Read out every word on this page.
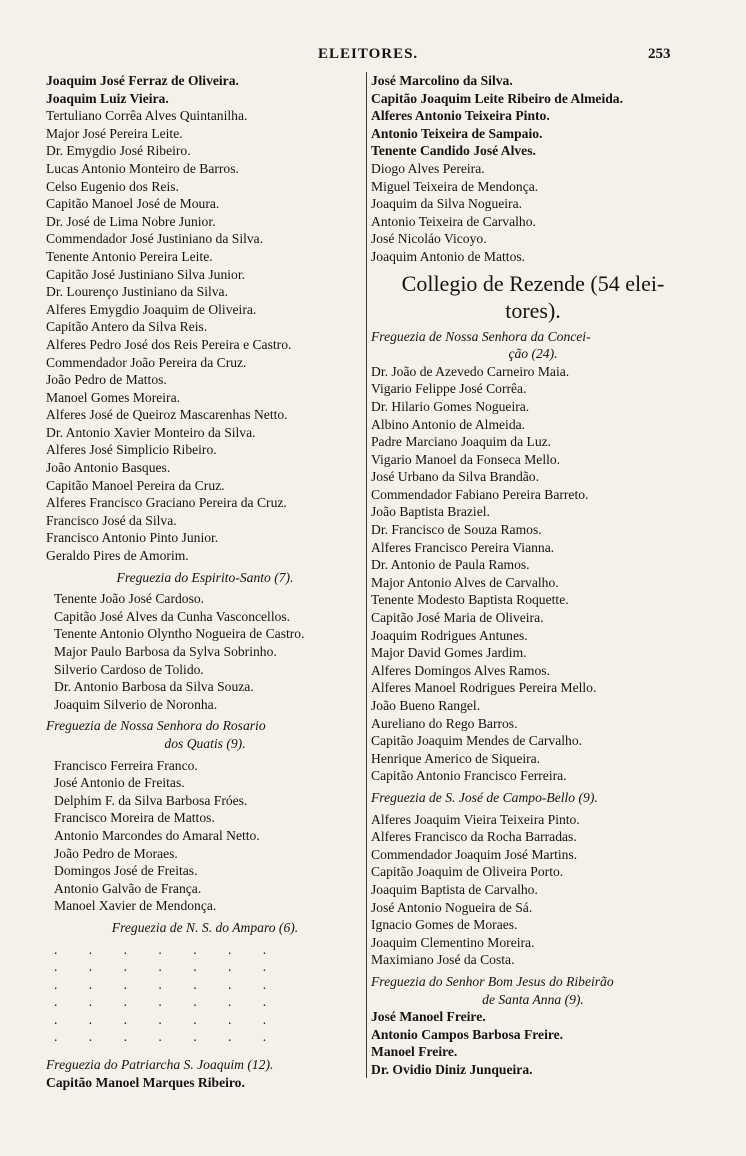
ELEITORES.	253
Joaquim José Ferraz de Oliveira.
Joaquim Luiz Vieira.
Tertuliano Corrêa Alves Quintanilha.
Major José Pereira Leite.
Dr. Emygdio José Ribeiro.
Lucas Antonio Monteiro de Barros.
Celso Eugenio dos Reis.
Capitão Manoel José de Moura.
Dr. José de Lima Nobre Junior.
Commendador José Justiniano da Silva.
Tenente Antonio Pereira Leite.
Capitão José Justiniano Silva Junior.
Dr. Lourenço Justiniano da Silva.
Alferes Emygdio Joaquim de Oliveira.
Capitão Antero da Silva Reis.
Alferes Pedro José dos Reis Pereira e Castro.
Commendador João Pereira da Cruz.
João Pedro de Mattos.
Manoel Gomes Moreira.
Alferes José de Queiroz Mascarenhas Netto.
Dr. Antonio Xavier Monteiro da Silva.
Alferes José Simplicio Ribeiro.
João Antonio Basques.
Capitão Manoel Pereira da Cruz.
Alferes Francisco Graciano Pereira da Cruz.
Francisco José da Silva.
Francisco Antonio Pinto Junior.
Geraldo Pires de Amorim.
Freguezia do Espirito-Santo (7).
Tenente João José Cardoso.
Capitão José Alves da Cunha Vasconcellos.
Tenente Antonio Olyntho Nogueira de Castro.
Major Paulo Barbosa da Sylva Sobrinho.
Silverio Cardoso de Tolido.
Dr. Antonio Barbosa da Silva Souza.
Joaquim Silverio de Noronha.
Freguezia de Nossa Senhora do Rosario
dos Quatis (9).
Francisco Ferreira Franco.
José Antonio de Freitas.
Delphim F. da Silva Barbosa Fróes.
Francisco Moreira de Mattos.
Antonio Marcondes do Amaral Netto.
João Pedro de Moraes.
Domingos José de Freitas.
Antonio Galvão de França.
Manoel Xavier de Mendonça.
Freguezia de N. S. do Amparo (6).
. . . . . . .
. . . . . . .
. . . . . . .
. . . . . . .
. . . . . . .
. . . . . . .
Freguezia do Patriarcha S. Joaquim (12).
Capitão Manoel Marques Ribeiro.
José Marcolino da Silva.
Capitão Joaquim Leite Ribeiro de Almeida.
Alferes Antonio Teixeira Pinto.
Antonio Teixeira de Sampaio.
Tenente Candido José Alves.
Diogo Alves Pereira.
Miguel Teixeira de Mendonça.
Joaquim da Silva Nogueira.
Antonio Teixeira de Carvalho.
José Nicoláo Vicoyo.
Joaquim Antonio de Mattos.
Collegio de Rezende (54 elei-
tores).
Freguezia de Nossa Senhora da Concei-
ção (24).
Dr. João de Azevedo Carneiro Maia.
Vigario Felippe José Corrêa.
Dr. Hilario Gomes Nogueira.
Albino Antonio de Almeida.
Padre Marciano Joaquim da Luz.
Vigario Manoel da Fonseca Mello.
José Urbano da Silva Brandão.
Commendador Fabiano Pereira Barreto.
João Baptista Braziel.
Dr. Francisco de Souza Ramos.
Alferes Francisco Pereira Vianna.
Dr. Antonio de Paula Ramos.
Major Antonio Alves de Carvalho.
Tenente Modesto Baptista Roquette.
Capitão José Maria de Oliveira.
Joaquim Rodrigues Antunes.
Major David Gomes Jardim.
Alferes Domingos Alves Ramos.
Alferes Manoel Rodrigues Pereira Mello.
João Bueno Rangel.
Aureliano do Rego Barros.
Capitão Joaquim Mendes de Carvalho.
Henrique Americo de Siqueira.
Capitão Antonio Francisco Ferreira.
Freguezia de S. José de Campo-Bello (9).
Alferes Joaquim Vieira Teixeira Pinto.
Alferes Francisco da Rocha Barradas.
Commendador Joaquim José Martins.
Capitão Joaquim de Oliveira Porto.
Joaquim Baptista de Carvalho.
José Antonio Nogueira de Sá.
Ignacio Gomes de Moraes.
Joaquim Clementino Moreira.
Maximiano José da Costa.
Freguezia do Senhor Bom Jesus do Ribeirão
de Santa Anna (9).
José Manoel Freire.
Antonio Campos Barbosa Freire.
Manoel Freire.
Dr. Ovidio Diniz Junqueira.
